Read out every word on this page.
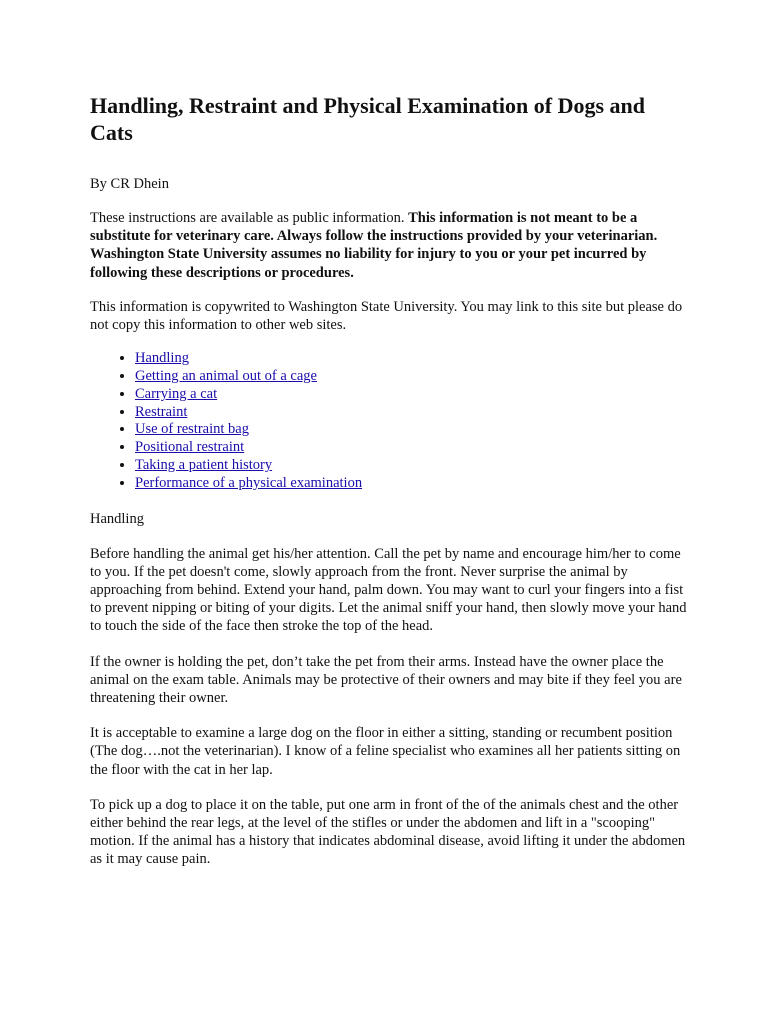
Handling, Restraint and Physical Examination of Dogs and Cats
By CR Dhein

These instructions are available as public information. This information is not meant to be a substitute for veterinary care. Always follow the instructions provided by your veterinarian. Washington State University assumes no liability for injury to you or your pet incurred by following these descriptions or procedures.

This information is copywrited to Washington State University. You may link to this site but please do not copy this information to other web sites.

• Handling
• Getting an animal out of a cage
• Carrying a cat
• Restraint
• Use of restraint bag
• Positional restraint
• Taking a patient history
• Performance of a physical examination
Handling

Before handling the animal get his/her attention. Call the pet by name and encourage him/her to come to you. If the pet doesn't come, slowly approach from the front. Never surprise the animal by approaching from behind. Extend your hand, palm down. You may want to curl your fingers into a fist to prevent nipping or biting of your digits. Let the animal sniff your hand, then slowly move your hand to touch the side of the face then stroke the top of the head.

If the owner is holding the pet, don’t take the pet from their arms. Instead have the owner place the animal on the exam table. Animals may be protective of their owners and may bite if they feel you are threatening their owner.

It is acceptable to examine a large dog on the floor in either a sitting, standing or recumbent position (The dog….not the veterinarian). I know of a feline specialist who examines all her patients sitting on the floor with the cat in her lap.

To pick up a dog to place it on the table, put one arm in front of the of the animals chest and the other either behind the rear legs, at the level of the stifles or under the abdomen and lift in a "scooping" motion. If the animal has a history that indicates abdominal disease, avoid lifting it under the abdomen as it may cause pain.
